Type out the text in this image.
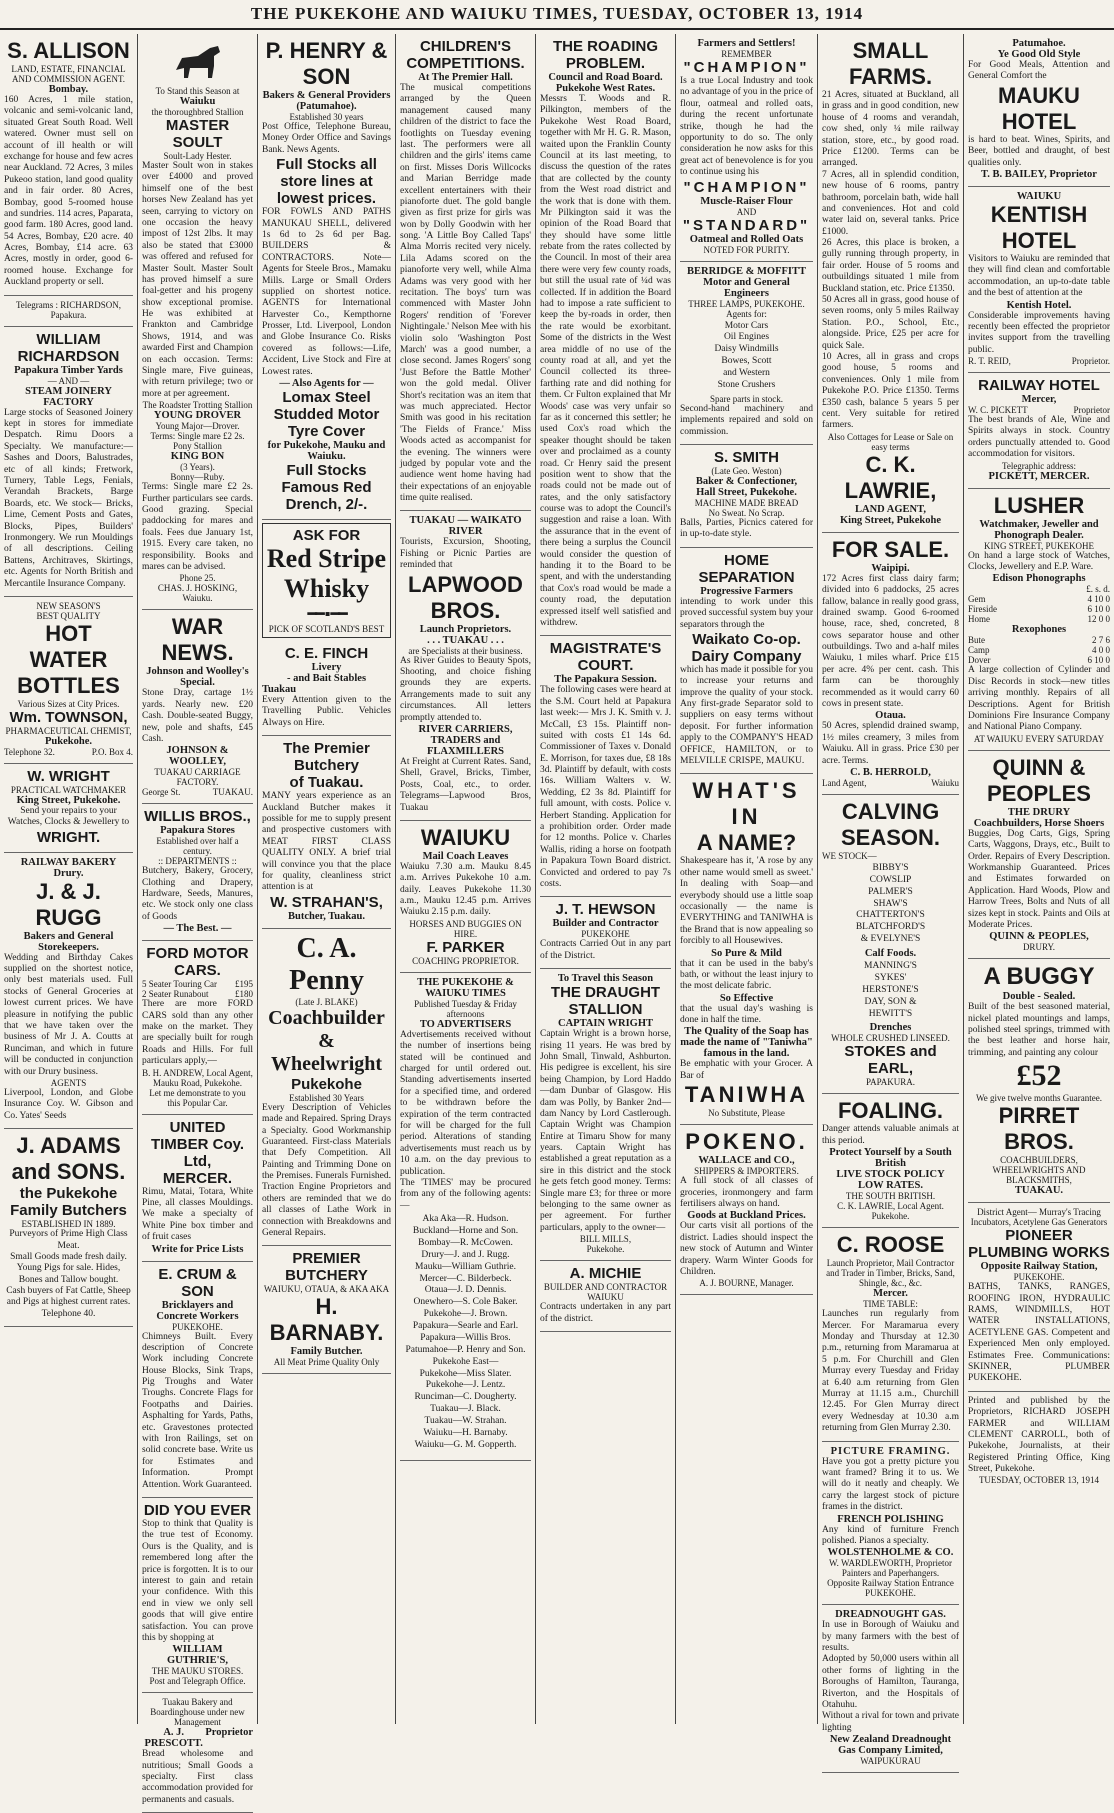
THE PUKEKOHE AND WAIUKU TIMES, TUESDAY, OCTOBER 13, 1914
S. ALLISON
LAND, ESTATE, FINANCIAL AND COMMISSION AGENT.
Bombay.
160 Acres, 1 mile station, volcanic and semi-volcanic land, situated Great South Road. Well watered. Owner must sell on account of ill health or will exchange for house and few acres near Auckland. 72 Acres, 3 miles Pukeoo station, land good quality and in fair order. 80 Acres, Bombay, good 5-roomed house and sundries. 114 acres, Paparata, good farm. 180 Acres, good land. 54 Acres, Bombay, £20 acre. 40 Acres, Bombay, £14 acre. 63 Acres, mostly in order, good 6-roomed house. Exchange for Auckland property or sell.
Telegrams : RICHARDSON, Papakura.
WILLIAM RICHARDSON
Papakura Timber Yards
— AND —
STEAM JOINERY FACTORY
Large stocks of Seasoned Joinery kept in stores for immediate Despatch. Rimu Doors a Specialty. We manufacture:— Sashes and Doors, Balustrades, etc of all kinds; Fretwork, Turnery, Table Legs, Fenials, Verandah Brackets, Barge Boards, etc. We stock— Bricks, Lime, Cement Posts and Gates, Blocks, Pipes, Builders' Ironmongery. We run Mouldings of all descriptions. Ceiling Battens, Architraves, Skirtings, etc. Agents for North British and Mercantile Insurance Company.
NEW SEASON'S
BEST QUALITY
HOT
WATER
BOTTLES
Various Sizes at City Prices.
Wm. TOWNSON,
PHARMACEUTICAL CHEMIST,
Pukekohe.
Telephone 32.	P.O. Box 4.
W. WRIGHT
PRACTICAL WATCHMAKER
King Street, Pukekohe.
Send your repairs to your Watches, Clocks & Jewellery to
WRIGHT.
RAILWAY BAKERY
Drury.
J. & J. RUGG
Bakers and General Storekeepers.
Wedding and Birthday Cakes supplied on the shortest notice, only best materials used. Full stocks of General Groceries at lowest current prices. We have pleasure in notifying the public that we have taken over the business of Mr J. A. Coutts at Runciman, and which in future will be conducted in conjunction with our Drury business.
AGENTS
Liverpool, London, and Globe Insurance Coy. W. Gibson and Co. Yates' Seeds
J. ADAMS
and SONS.
the Pukekohe
Family Butchers
ESTABLISHED IN 1889.
Purveyors of Prime High Class Meat.
Small Goods made fresh daily.
Young Pigs for sale. Hides, Bones and Tallow bought.
Cash buyers of Fat Cattle, Sheep and Pigs at highest current rates. Telephone 40.
To Stand this Season at
Waiuku
the thoroughbred Stallion
MASTER SOULT
Soult-Lady Hester.
Master Soult won in stakes over £4000 and proved himself one of the best horses New Zealand has yet seen, carrying to victory on one occasion the heavy impost of 12st 2lbs. It may also be stated that £3000 was offered and refused for Master Soult. Master Soult has proved himself a sure foal-getter and his progeny show exceptional promise. He was exhibited at Frankton and Cambridge Shows, 1914, and was awarded First and Champion on each occasion. Terms: Single mare, Five guineas, with return privilege; two or more at per agreement.
The Roadster Trotting Stallion
YOUNG DROVER
Young Major—Drover.
Terms: Single mare £2 2s.
Pony Stallion
KING BON
(3 Years).
Bonny—Ruby.
Terms: Single mare £2 2s. Further particulars see cards. Good grazing. Special paddocking for mares and foals. Fees due January 1st, 1915. Every care taken, no responsibility. Books and mares can be advised.
Phone 25.
CHAS. J. HOSKING, Waiuku.
WAR NEWS.
Johnson and Woolley's Special.
Stone Dray, cartage 1½ yards. Nearly new. £20 Cash. Double-seated Buggy, new, pole and shafts, £45 Cash.
JOHNSON & WOOLLEY,
TUAKAU CARRIAGE FACTORY.
George St.	TUAKAU.
WILLIS BROS.,
Papakura Stores
Established over half a century.
:: DEPARTMENTS ::
Butchery, Bakery, Grocery, Clothing and Drapery, Hardware, Seeds, Manures, etc. We stock only one class of Goods
— The Best. —
FORD MOTOR CARS.
5 Seater Touring Car £195
2 Seater Runabout	£180
There are more FORD CARS sold than any other make on the market. They are specially built for rough Roads and Hills. For full particulars apply,—
B. H. ANDREW, Local Agent,
Mauku Road, Pukekohe.
Let me demonstrate to you this Popular Car.
UNITED TIMBER Coy. Ltd,
MERCER.
Rimu, Matai, Totara, White Pine, all classes Mouldings. We make a specialty of White Pine box timber and of fruit cases
Write for Price Lists
E. CRUM & SON
Bricklayers and
Concrete Workers
PUKEKOHE.
Chimneys Built. Every description of Concrete Work including Concrete House Blocks, Sink Traps, Pig Troughs and Water Troughs. Concrete Flags for Footpaths and Dairies. Asphalting for Yards, Paths, etc. Gravestones protected with Iron Railings, set on solid concrete base. Write us for Estimates and Information. Prompt Attention. Work Guaranteed.
DID YOU EVER
Stop to think that Quality is the true test of Economy. Ours is the Quality, and is remembered long after the price is forgotten. It is to our interest to gain and retain your confidence. With this end in view we only sell goods that will give entire satisfaction. You can prove this by shopping at
WILLIAM GUTHRIE'S,
THE MAUKU STORES.
Post and Telegraph Office.
Tuakau Bakery and Boardinghouse under new Management
A. J. PRESCOTT.
Proprietor
Bread wholesome and nutritious; Small Goods a specialty. First class accommodation provided for permanents and casuals.
P. HENRY & SON
Bakers & General Providers
(Patumahoe).
Established 30 years
Post Office, Telephone Bureau, Money Order Office and Savings Bank. News Agents.
Full Stocks all store lines at lowest prices.
FOR FOWLS AND PATHS MANUKAU SHELL, delivered 1s 6d to 2s 6d per Bag. BUILDERS & CONTRACTORS. Note— Agents for Steele Bros., Mamaku Mills. Large or Small Orders supplied on shortest notice. AGENTS for International Harvester Co., Kempthorne Prosser, Ltd. Liverpool, London and Globe Insurance Co. Risks covered as follows:—Life, Accident, Live Stock and Fire at Lowest rates.
— Also Agents for —
Lomax Steel Studded Motor Tyre Cover
for Pukekohe, Mauku and Waiuku.
Full Stocks Famous Red Drench, 2/-.
ASK FOR
Red Stripe
Whisky
━━ ▪ ━━
PICK OF SCOTLAND'S BEST
C. E. FINCH
Livery
- and Bait Stables
Tuakau
Every Attention given to the Travelling Public. Vehicles Always on Hire.
The Premier Butchery
of Tuakau.
MANY years experience as an Auckland Butcher makes it possible for me to supply present and prospective customers with MEAT FIRST CLASS QUALITY ONLY. A brief trial will convince you that the place for quality, cleanliness strict attention is at
W. STRAHAN'S,
Butcher, Tuakau.
C. A. Penny
(Late J. BLAKE)
Coachbuilder
& Wheelwright
Pukekohe
Established 30 Years
Every Description of Vehicles made and Repaired. Spring Drays a Specialty. Good Workmanship Guaranteed. First-class Materials that Defy Competition. All Painting and Trimming Done on the Premises. Funerals Furnished. Traction Engine Proprietors and others are reminded that we do all classes of Lathe Work in connection with Breakdowns and General Repairs.
PREMIER BUTCHERY
WAIUKU, OTAUA, & AKA AKA
H. BARNABY.
Family Butcher.
All Meat Prime Quality Only
CHILDREN'S COMPETITIONS.
At The Premier Hall.
The musical competitions arranged by the Queen management caused many children of the district to face the footlights on Tuesday evening last. The performers were all children and the girls' items came on first. Misses Doris Willcocks and Marian Berridge made excellent entertainers with their pianoforte duet. The gold bangle given as first prize for girls was won by Dolly Goodwin with her song. 'A Little Boy Called Taps' Alma Morris recited very nicely. Lila Adams scored on the pianoforte very well, while Alma Adams was very good with her recitation. The boys' turn was commenced with Master John Rogers' rendition of 'Forever Nightingale.' Nelson Mee with his violin solo 'Washington Post March' was a good number, a close second. James Rogers' song 'Just Before the Battle Mother' won the gold medal. Oliver Short's recitation was an item that was much appreciated. Hector Smith was good in his recitation 'The Fields of France.' Miss Woods acted as accompanist for the evening. The winners were judged by popular vote and the audience went home having had their expectations of an enjoyable time quite realised.
TUAKAU — WAIKATO RIVER
Tourists, Excursion, Shooting, Fishing or Picnic Parties are reminded that
LAPWOOD BROS.
Launch Proprietors.
. . . TUAKAU . . .
are Specialists at their business.
As River Guides to Beauty Spots, Shooting, and choice fishing grounds they are experts. Arrangements made to suit any circumstances. All letters promptly attended to.
RIVER CARRIERS, TRADERS and FLAXMILLERS
At Freight at Current Rates. Sand, Shell, Gravel, Bricks, Timber, Posts, Coal, etc., to order. Telegrams—Lapwood Bros, Tuakau
WAIUKU
Mail Coach Leaves
Waiuku 7.30 a.m. Mauku 8.45 a.m. Arrives Pukekohe 10 a.m. daily. Leaves Pukekohe 11.30 a.m., Mauku 12.45 p.m. Arrives Waiuku 2.15 p.m. daily.
HORSES AND BUGGIES ON HIRE.
F. PARKER
COACHING PROPRIETOR.
THE PUKEKOHE & WAIUKU TIMES
Published Tuesday & Friday afternoons
TO ADVERTISERS
Advertisements received without the number of insertions being stated will be continued and charged for until ordered out. Standing advertisements inserted for a specified time, and ordered to be withdrawn before the expiration of the term contracted for will be charged for the full period. Alterations of standing advertisements must reach us by 10 a.m. on the day previous to publication.
The 'TIMES' may be procured from any of the following agents:—
Aka Aka—R. Hudson.
Buckland—Horne and Son.
Bombay—R. McCowen.
Drury—J. and J. Rugg.
Mauku—William Guthrie.
Mercer—C. Bilderbeck.
Otaua—J. D. Dennis.
Onewhero—S. Cole Baker.
Pukekohe—J. Brown.
Papakura—Searle and Earl.
Papakura—Willis Bros.
Patumahoe—P. Henry and Son.
Pukekohe East—
Pukekohe—Miss Slater.
Pukekohe—J. Lentz.
Runciman—C. Dougherty.
Tuakau—J. Black.
Tuakau—W. Strahan.
Waiuku—H. Barnaby.
Waiuku—G. M. Gopperth.
THE ROADING PROBLEM.
Council and Road Board.
Pukekohe West Rates.
Messrs T. Woods and R. Pilkington, members of the Pukekohe West Road Board, together with Mr H. G. R. Mason, waited upon the Franklin County Council at its last meeting, to discuss the question of the rates that are collected by the county from the West road district and the work that is done with them. Mr Pilkington said it was the opinion of the Road Board that they should have some little rebate from the rates collected by the Council. In most of their area there were very few county roads, but still the usual rate of ¼d was collected. If in addition the Board had to impose a rate sufficient to keep the by-roads in order, then the rate would be exorbitant. Some of the districts in the West area middle of no use of the county road at all, and yet the Council collected its three-farthing rate and did nothing for them. Cr Fulton explained that Mr Woods' case was very unfair so far as it concerned this settler; he used Cox's road which the speaker thought should be taken over and proclaimed as a county road. Cr Henry said the present position went to show that the roads could not be made out of rates, and the only satisfactory course was to adopt the Council's suggestion and raise a loan. With the assurance that in the event of there being a surplus the Council would consider the question of handing it to the Board to be spent, and with the understanding that Cox's road would be made a county road, the deputation expressed itself well satisfied and withdrew.
MAGISTRATE'S COURT.
The Papakura Session.
The following cases were heard at the S.M. Court held at Papakura last week:— Mrs J. K. Smith v. J. McCall, £3 15s. Plaintiff non-suited with costs £1 14s 6d. Commissioner of Taxes v. Donald E. Morrison, for taxes due, £8 18s 3d. Plaintiff by default, with costs 16s. William Walters v. W. Wedding, £2 3s 8d. Plaintiff for full amount, with costs. Police v. Herbert Standing. Application for a prohibition order. Order made for 12 months. Police v. Charles Wallis, riding a horse on footpath in Papakura Town Board district. Convicted and ordered to pay 7s costs.
J. T. HEWSON
Builder and Contractor
PUKEKOHE
Contracts Carried Out in any part of the District.
To Travel this Season
THE DRAUGHT STALLION
CAPTAIN WRIGHT
Captain Wright is a brown horse, rising 11 years. He was bred by John Small, Tinwald, Ashburton. His pedigree is excellent, his sire being Champion, by Lord Haddo—dam Dunbar of Glasgow. His dam was Polly, by Banker 2nd—dam Nancy by Lord Castlerough. Captain Wright was Champion Entire at Timaru Show for many years. Captain Wright has established a great reputation as a sire in this district and the stock he gets fetch good money. Terms: Single mare £3; for three or more belonging to the same owner as per agreement. For further particulars, apply to the owner—
BILL MILLS,
Pukekohe.
A. MICHIE
BUILDER AND CONTRACTOR
WAIUKU
Contracts undertaken in any part of the district.
Farmers and Settlers!
REMEMBER
"CHAMPION"
Is a true Local Industry and took no advantage of you in the price of flour, oatmeal and rolled oats, during the recent unfortunate strike, though he had the opportunity to do so. The only consideration he now asks for this great act of benevolence is for you to continue using his
"CHAMPION"
Muscle-Raiser Flour
AND
"STANDARD"
Oatmeal and Rolled Oats
NOTED FOR PURITY.
BERRIDGE & MOFFITT
Motor and General Engineers
THREE LAMPS, PUKEKOHE.
Agents for:
Motor Cars
Oil Engines
Daisy Windmills
Bowes, Scott
and Western
Stone Crushers
Spare parts in stock.
Second-hand machinery and implements repaired and sold on commission.
S. SMITH
(Late Geo. Weston)
Baker & Confectioner,
Hall Street, Pukekohe.
MACHINE MADE BREAD
No Sweat. No Scrap.
Balls, Parties, Picnics catered for in up-to-date style.
HOME SEPARATION
Progressive Farmers
intending to work under this proved successful system buy your separators through the
Waikato Co-op. Dairy Company
which has made it possible for you to increase your returns and improve the quality of your stock. Any first-grade Separator sold to suppliers on easy terms without deposit. For further information apply to the COMPANY'S HEAD OFFICE, HAMILTON, or to MELVILLE CRISPE, MAUKU.
WHAT'S IN
A NAME?
Shakespeare has it, 'A rose by any other name would smell as sweet.' In dealing with Soap—and everybody should use a little soap occasionally — the name is EVERYTHING and TANIWHA is the Brand that is now appealing so forcibly to all Housewives.
So Pure & Mild
that it can be used in the baby's bath, or without the least injury to the most delicate fabric.
So Effective
that the usual day's washing is done in half the time.
The Quality of the Soap has made the name of "Taniwha" famous in the land.
Be emphatic with your Grocer. A Bar of
TANIWHA
No Substitute, Please
POKENO.
WALLACE and CO.,
SHIPPERS & IMPORTERS.
A full stock of all classes of groceries, ironmongery and farm fertilisers always on hand.
Goods at Buckland Prices.
Our carts visit all portions of the district. Ladies should inspect the new stock of Autumn and Winter drapery. Warm Winter Goods for Children.
A. J. BOURNE, Manager.
SMALL FARMS.
21 Acres, situated at Buckland, all in grass and in good condition, new house of 4 rooms and verandah, cow shed, only ¼ mile railway station, store, etc., by good road. Price £1200. Terms can be arranged.
7 Acres, all in splendid condition, new house of 6 rooms, pantry bathroom, porcelain bath, wide hall and conveniences. Hot and cold water laid on, several tanks. Price £1000.
26 Acres, this place is broken, a gully running through property, in fair order. House of 5 rooms and outbuildings situated 1 mile from Buckland station, etc. Price £1350.
50 Acres all in grass, good house of seven rooms, only 5 miles Railway Station. P.O., School, Etc., alongside. Price, £25 per acre for quick Sale.
10 Acres, all in grass and crops good house, 5 rooms and conveniences. Only 1 mile from Pukekohe P.O. Price £1350. Terms £350 cash, balance 5 years 5 per cent. Very suitable for retired farmers.
Also Cottages for Lease or Sale on easy terms
C. K. LAWRIE,
LAND AGENT,
King Street, Pukekohe
FOR SALE.
Waipipi.
172 Acres first class dairy farm; divided into 6 paddocks, 25 acres fallow, balance in really good grass, drained swamp. Good 6-roomed house, race, shed, concreted, 8 cows separator house and other outbuildings. Two and a-half miles Waiuku, 1 miles wharf. Price £15 per acre. 4% per cent. cash. This farm can be thoroughly recommended as it would carry 60 cows in present state.
Otaua.
50 Acres, splendid drained swamp, 1½ miles creamery, 3 miles from Waiuku. All in grass. Price £30 per acre. Terms.
C. B. HERROLD,
Land Agent,	Waiuku
CALVING SEASON.
WE STOCK—
BIBBY'S
COWSLIP
PALMER'S
SHAW'S
CHATTERTON'S
BLATCHFORD'S
& EVELYNE'S
Calf Foods.
MANNING'S
SYKES'
HERSTONE'S
DAY, SON &
HEWITT'S
Drenches
WHOLE CRUSHED LINSEED.
STOKES and EARL,
PAPAKURA.
FOALING.
Danger attends valuable animals at this period.
Protect Yourself by a South British
LIVE STOCK POLICY
LOW RATES.
THE SOUTH BRITISH.
C. K. LAWRIE, Local Agent.
Pukekohe.
C. ROOSE
Launch Proprietor, Mail Contractor and Trader in Timber, Bricks, Sand, Shingle, &c., &c.
Mercer.
TIME TABLE:
Launches run regularly from Mercer. For Maramarua every Monday and Thursday at 12.30 p.m., returning from Maramarua at 5 p.m. For Churchill and Glen Murray every Tuesday and Friday at 6.40 a.m returning from Glen Murray at 11.15 a.m., Churchill 12.45. For Glen Murray direct every Wednesday at 10.30 a.m returning from Glen Murray 2.30.
PICTURE FRAMING.
Have you got a pretty picture you want framed? Bring it to us. We will do it neatly and cheaply. We carry the largest stock of picture frames in the district.
FRENCH POLISHING
Any kind of furniture French polished. Pianos a specialty.
WOLSTENHOLME & CO.
W. WARDLEWORTH, Proprietor
Painters and Paperhangers.
Opposite Railway Station Entrance
PUKEKOHE.
DREADNOUGHT GAS.
In use in Borough of Waiuku and by many farmers with the best of results.
Adopted by 50,000 users within all other forms of lighting in the Boroughs of Hamilton, Tauranga, Riverton, and the Hospitals of Otahuhu.
Without a rival for town and private lighting
New Zealand Dreadnought
Gas Company Limited,
WAIPUKURAU
Patumahoe.
Ye Good Old Style
For Good Meals, Attention and General Comfort the
MAUKU HOTEL
is hard to beat. Wines, Spirits, and Beer, bottled and draught, of best qualities only.
T. B. BAILEY, Proprietor
WAIUKU
KENTISH HOTEL
Visitors to Waiuku are reminded that they will find clean and comfortable accommodation, an up-to-date table and the best of attention at the
Kentish Hotel.
Considerable improvements having recently been effected the proprietor invites support from the travelling public.
R. T. REID,	Proprietor.
RAILWAY HOTEL
Mercer,
W. C. PICKETT	Proprietor
The best brands of Ale, Wine and Spirits always in stock. Country orders punctually attended to. Good accommodation for visitors.
Telegraphic address:
PICKETT, MERCER.
LUSHER
Watchmaker, Jeweller and Phonograph Dealer.
KING STREET, PUKEKOHE
On hand a large stock of Watches, Clocks, Jewellery and E.P. Ware.
Edison Phonographs
£. s. d.
Gem	4 10 0
Fireside	6 10 0
Home	12 0 0
Rexophones
Bute	2 7 6
Camp	4 0 0
Dover	6 10 0
A large collection of Cylinder and Disc Records in stock—new titles arriving monthly. Repairs of all Descriptions. Agent for British Dominions Fire Insurance Company and National Piano Company.
AT WAIUKU EVERY SATURDAY
QUINN & PEOPLES
THE DRURY
Coachbuilders, Horse Shoers
Buggies, Dog Carts, Gigs, Spring Carts, Waggons, Drays, etc., Built to Order. Repairs of Every Description. Workmanship Guaranteed. Prices and Estimates forwarded on Application. Hard Woods, Plow and Harrow Trees, Bolts and Nuts of all sizes kept in stock. Paints and Oils at Moderate Prices.
QUINN & PEOPLES,
DRURY.
A BUGGY
Double - Sealed.
Built of the best seasoned material, nickel plated mountings and lamps, polished steel springs, trimmed with the best leather and horse hair, trimming, and painting any colour
£52
We give twelve months Guarantee.
PIRRET BROS.
COACHBUILDERS, WHEELWRIGHTS AND BLACKSMITHS,
TUAKAU.
District Agent— Murray's Tracing Incubators, Acetylene Gas Generators
PIONEER
PLUMBING WORKS
Opposite Railway Station,
PUKEKOHE.
BATHS, TANKS, RANGES, ROOFING IRON, HYDRAULIC RAMS, WINDMILLS, HOT WATER INSTALLATIONS, ACETYLENE GAS. Competent and Experienced Men only employed. Estimates Free. Communications: SKINNER, PLUMBER PUKEKOHE.
Printed and published by the Proprietors, RICHARD JOSEPH FARMER and WILLIAM CLEMENT CARROLL, both of Pukekohe, Journalists, at their Registered Printing Office, King Street, Pukekohe.
TUESDAY, OCTOBER 13, 1914
